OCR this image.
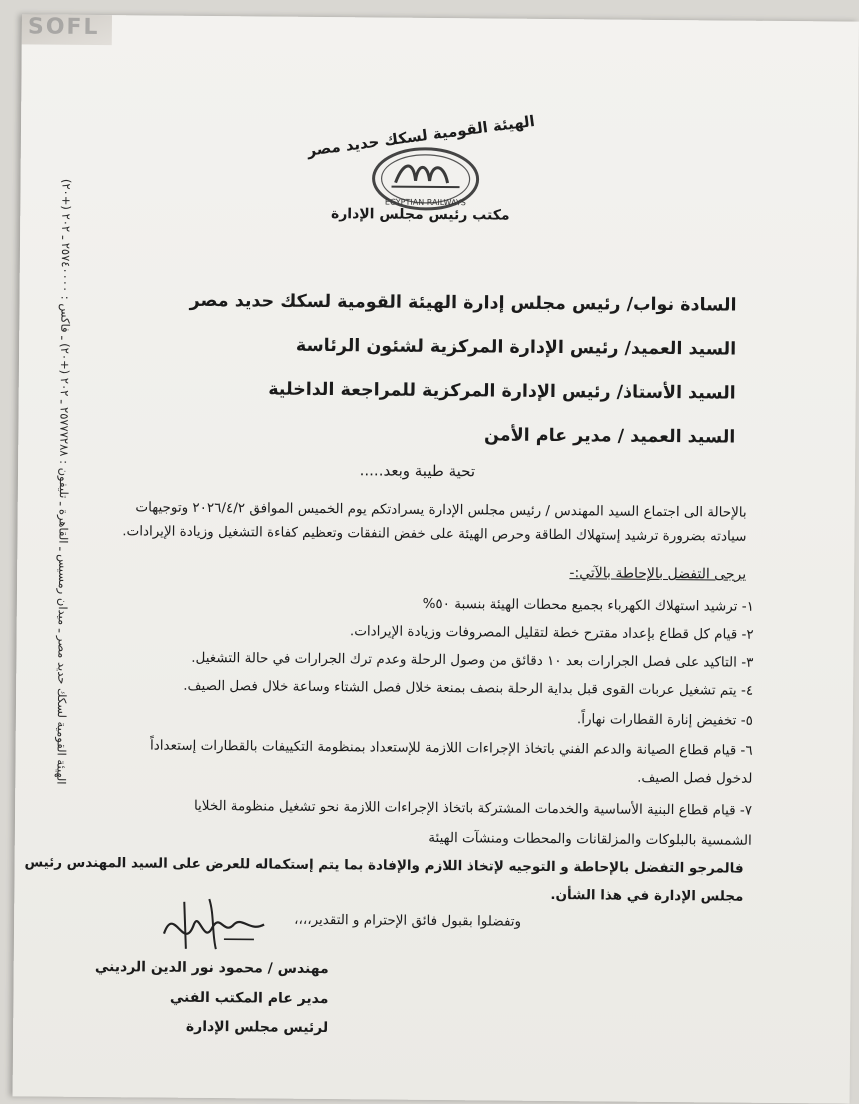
SOFL
الهيئة القومية لسكك حديد مصر ـ ميدان رمسيس ـ القاهرة ـ تليفون : ٢٥٧٧٧٢٨٨ ـ ٢٠٢ (+٢٠) ـ فاكس : ٢٥٧٤٠٠٠٠ ـ ٢٠٢ (+٢٠)
الهيئة القومية لسكك حديد مصر
EGYPTIAN RAILWAYS
مكتب رئيس مجلس الإدارة
السادة نواب/ رئيس مجلس إدارة الهيئة القومية لسكك حديد مصر
السيد العميد/ رئيس الإدارة المركزية لشئون الرئاسة
السيد الأستاذ/ رئيس الإدارة المركزية للمراجعة الداخلية
السيد العميد / مدير عام الأمن
تحية طيبة وبعد.....
بالإحالة الى اجتماع السيد المهندس / رئيس مجلس الإدارة يسرادتكم يوم الخميس الموافق ٢٠٢٦/٤/٢ وتوجيهات
سيادته بضرورة ترشيد إستهلاك الطاقة وحرص الهيئة على خفض النفقات وتعظيم كفاءة التشغيل وزيادة الإيرادات.
يرجى التفضل بالإحاطة بالآتي:-
١- ترشيد استهلاك الكهرباء بجميع محطات الهيئة بنسبة ٥٠%
٢- قيام كل قطاع بإعداد مقترح خطة لتقليل المصروفات وزيادة الإيرادات.
٣- التاكيد على فصل الجرارات بعد ١٠ دقائق من وصول الرحلة وعدم ترك الجرارات في حالة التشغيل.
٤- يتم تشغيل عربات القوى قبل بداية الرحلة بنصف بمنعة خلال فصل الشتاء وساعة خلال فصل الصيف.
٥- تخفيض إنارة القطارات نهاراً.
٦- قيام قطاع الصيانة والدعم الفني باتخاذ الإجراءات اللازمة للإستعداد بمنظومة التكييفات بالقطارات إستعداداً
لدخول فصل الصيف.
٧- قيام قطاع البنية الأساسية والخدمات المشتركة باتخاذ الإجراءات اللازمة نحو تشغيل منظومة الخلايا
الشمسية بالبلوكات والمزلقانات والمحطات ومنشآت الهيئة
فالمرجو التفضل بالإحاطة و التوجيه لإتخاذ اللازم والإفادة بما يتم إستكماله للعرض على السيد المهندس رئيس
مجلس الإدارة في هذا الشأن.
وتفضلوا بقبول فائق الإحترام و التقدير،،،،
مهندس / محمود نور الدين الرديني
مدير عام المكتب الفني
لرئيس مجلس الإدارة
